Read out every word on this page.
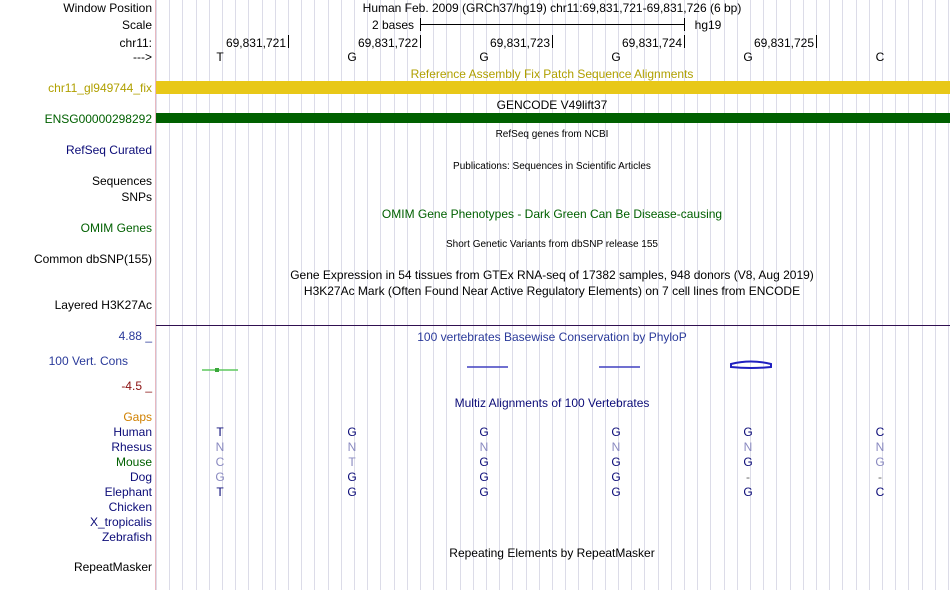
Window Position	Human Feb. 2009 (GRCh37/hg19) chr11:69,831,721-69,831,726 (6 bp)
Scale	2 bases	hg19
chr11:	69,831,721	69,831,722	69,831,723	69,831,724	69,831,725
--->	T	G	G	G	G	C
Reference Assembly Fix Patch Sequence Alignments
chr11_gl949744_fix
GENCODE V49lift37
ENSG00000298292
RefSeq genes from NCBI
RefSeq Curated
Publications: Sequences in Scientific Articles
Sequences
SNPs
OMIM Gene Phenotypes - Dark Green Can Be Disease-causing
OMIM Genes
Short Genetic Variants from dbSNP release 155
Common dbSNP(155)
Gene Expression in 54 tissues from GTEx RNA-seq of 17382 samples, 948 donors (V8, Aug 2019)
H3K27Ac Mark (Often Found Near Active Regulatory Elements) on 7 cell lines from ENCODE
Layered H3K27Ac
100 vertebrates Basewise Conservation by PhyloP
4.88 _
100 Vert. Cons
-4.5 _
Gaps
Multiz Alignments of 100 Vertebrates
Human	T	G	G	G	G	C
Rhesus	N	N	N	N	N	N
Mouse	C	T	G	G	G	G
Dog	G	G	G	G	-	-
Elephant	T	G	G	G	G	C
Chicken
X_tropicalis
Zebrafish
Repeating Elements by RepeatMasker
RepeatMasker
